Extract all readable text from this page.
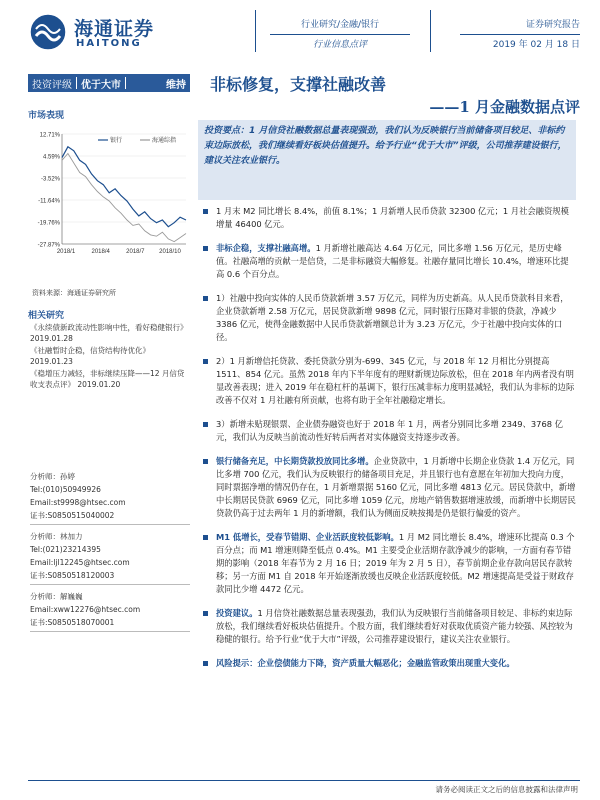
海通证券
HAITONG
行业研究/金融/银行
行业信息点评
证券研究报告
2019 年 02 月 18 日
投资评级 优于大市	维持
市场表现
12.71%
4.59%
-3.52%
-11.64%
-19.76%
-27.87%
2018/1	2018/4	2018/7 2018/10
银行	海通综指
资料来源：海通证券研究所
相关研究

《永续债新政流动性影响中性，看好稳健银行》
2019.01.28

《社融暂时企稳，信贷结构待优化》
2019.01.23

《稳增压力减轻，非标继续压降——12 月信贷收支表点评》 2019.01.20

分析师：孙婷
Tel:(010)50949926
Email:st9998@htsec.com
证书:S0850515040002
分析师：林加力
Tel:(021)23214395
Email:ljl12245@htsec.com
证书:S0850518120003
分析师：解巍巍
Email:xww12276@htsec.com
证书:S0850518070001
非标修复，支撑社融改善
——1 月金融数据点评
投资要点：1 月信贷社融数据总量表现强劲，我们认为反映银行当前储备项目较足、非标约束边际放松，我们继续看好板块估值提升。给予行业“优于大市”评级，公司推荐建设银行，建议关注农业银行。
1 月末 M2 同比增长 8.4%，前值 8.1%；1 月新增人民币贷款 32300 亿元；1 月社会融资规模增量 46400 亿元。
非标企稳，支撑社融高增。1 月新增社融高达 4.64 万亿元，同比多增 1.56 万亿元，是历史峰值。社融高增的贡献一是信贷，二是非标融资大幅修复。社融存量同比增长 10.4%，增速环比提高 0.6 个百分点。
1）社融中投向实体的人民币贷款新增 3.57 万亿元，同样为历史新高。从人民币贷款科目来看，企业贷款新增 2.58 万亿元，居民贷款新增 9898 亿元，同时银行压降对非银的贷款，净减少 3386 亿元，使得金融数据中人民币贷款新增额总计为 3.23 万亿元，少于社融中投向实体的口径。
2）1 月新增信托贷款、委托贷款分别为-699、345 亿元，与 2018 年 12 月相比分别提高 1511、854 亿元。虽然 2018 年内下半年度有的理财新规边际放松，但在 2018 年内两者没有明显改善表现；进入 2019 年在稳杠杆的基调下，银行压减非标力度明显减轻，我们认为非标的边际改善不仅对 1 月社融有所贡献，也将有助于全年社融稳定增长。
3）新增未贴现银票、企业债券融资也好于 2018 年 1 月，两者分别同比多增 2349、3768 亿元，我们认为反映当前流动性好转后两者对实体融资支持逐步改善。
银行储备充足，中长期贷款投放同比多增。企业贷款中，1 月新增中长期企业贷款 1.4 万亿元，同比多增 700 亿元，我们认为反映银行的储备项目充足，并且银行也有意愿在年初加大投向力度，同时票据净增的情况仍存在，1 月新增票据 5160 亿元，同比多增 4813 亿元。居民贷款中，新增中长期居民贷款 6969 亿元，同比多增 1059 亿元，房地产销售数据增速放缓，而新增中长期居民贷款仍高于过去两年 1 月的新增额，我们认为侧面反映按揭是仍是银行偏爱的资产。
M1 低增长，受春节错期、企业活跃度较低影响。1 月 M2 同比增长 8.4%，增速环比提高 0.3 个百分点；而 M1 增速则降至低点 0.4%。M1 主要受企业活期存款净减少的影响，一方面有春节错期的影响（2018 年春节为 2 月 16 日；2019 年为 2 月 5 日），春节前期企业存款向居民存款转移；另一方面 M1 自 2018 年开始逐渐放缓也反映企业活跃度较低。M2 增速提高是受益于财政存款同比少增 4472 亿元。
投资建议。1 月信贷社融数据总量表现强劲，我们认为反映银行当前储备项目较足、非标约束边际放松，我们继续看好板块估值提升。个股方面，我们继续看好对获取优质资产能力较强、风控较为稳健的银行。给予行业“优于大市”评级，公司推荐建设银行，建议关注农业银行。
风险提示：企业偿债能力下降，资产质量大幅恶化；金融监管政策出现重大变化。
请务必阅读正文之后的信息披露和法律声明
